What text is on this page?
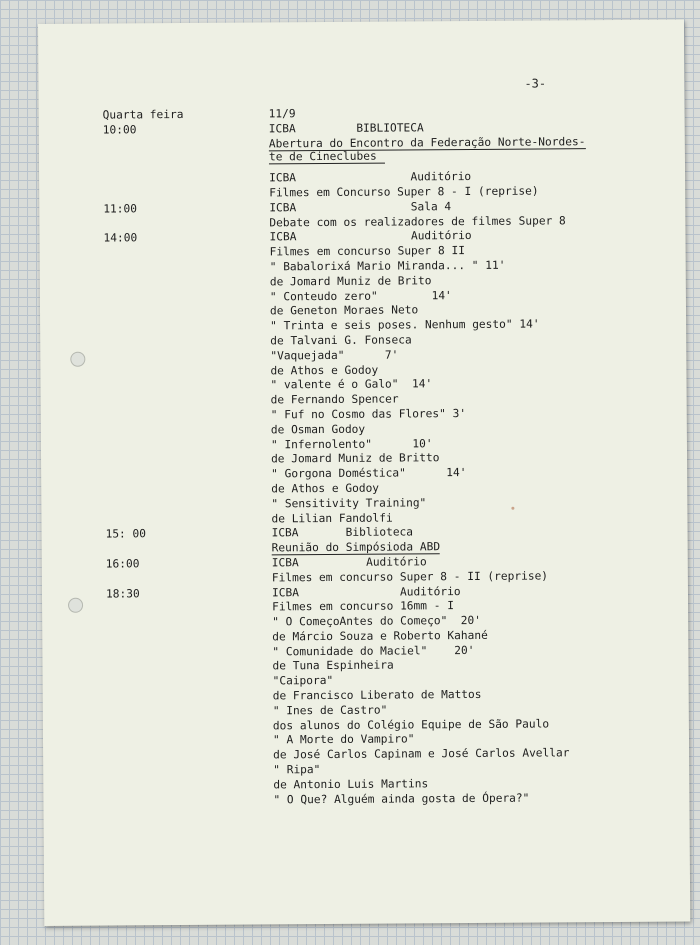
-3-
Quarta feira	11/9
10:00	ICBA         BIBLIOTECA
Abertura do Encontro da Federação Norte-Nordes-
te de Cineclubes
ICBA                 Auditório
Filmes em Concurso Super 8 - I (reprise)
11:00	ICBA                 Sala 4
Debate com os realizadores de filmes Super 8
14:00	ICBA                 Auditório
Filmes em concurso Super 8 II
" Babalorixá Mario Miranda... " 11'
de Jomard Muniz de Brito
" Conteudo zero"        14'
de Geneton Moraes Neto
" Trinta e seis poses. Nenhum gesto" 14'
de Talvani G. Fonseca
"Vaquejada"      7'
de Athos e Godoy
" valente é o Galo"  14'
de Fernando Spencer
" Fuf no Cosmo das Flores" 3'
de Osman Godoy
" Infernolento"      10'
de Jomard Muniz de Britto
" Gorgona Doméstica"      14'
de Athos e Godoy
" Sensitivity Training"
de Lilian Fandolfi
15: 00	ICBA       Biblioteca
Reunião do Simpósioda ABD
16:00	ICBA          Auditório
Filmes em concurso Super 8 - II (reprise)
18:30	ICBA               Auditório
Filmes em concurso 16mm - I
" O ComeçoAntes do Começo"  20'
de Márcio Souza e Roberto Kahané
" Comunidade do Maciel"    20'
de Tuna Espinheira
"Caipora"
de Francisco Liberato de Mattos
" Ines de Castro"
dos alunos do Colégio Equipe de São Paulo
" A Morte do Vampiro"
de José Carlos Capinam e José Carlos Avellar
" Ripa"
de Antonio Luis Martins
" O Que? Alguém ainda gosta de Ópera?"
